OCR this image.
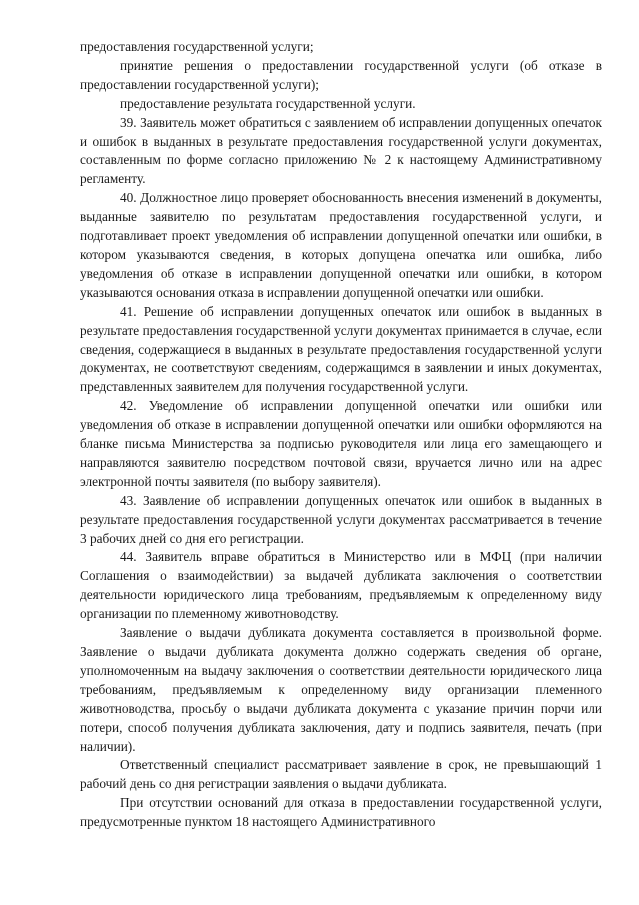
предоставления государственной услуги;

принятие решения о предоставлении государственной услуги (об отказе в предоставлении государственной услуги);

предоставление результата государственной услуги.

39. Заявитель может обратиться с заявлением об исправлении допущенных опечаток и ошибок в выданных в результате предоставления государственной услуги документах, составленным по форме согласно приложению № 2 к настоящему Административному регламенту.

40. Должностное лицо проверяет обоснованность внесения изменений в документы, выданные заявителю по результатам предоставления государственной услуги, и подготавливает проект уведомления об исправлении допущенной опечатки или ошибки, в котором указываются сведения, в которых допущена опечатка или ошибка, либо уведомления об отказе в исправлении допущенной опечатки или ошибки, в котором указываются основания отказа в исправлении допущенной опечатки или ошибки.

41. Решение об исправлении допущенных опечаток или ошибок в выданных в результате предоставления государственной услуги документах принимается в случае, если сведения, содержащиеся в выданных в результате предоставления государственной услуги документах, не соответствуют сведениям, содержащимся в заявлении и иных документах, представленных заявителем для получения государственной услуги.

42. Уведомление об исправлении допущенной опечатки или ошибки или уведомления об отказе в исправлении допущенной опечатки или ошибки оформляются на бланке письма Министерства за подписью руководителя или лица его замещающего и направляются заявителю посредством почтовой связи, вручается лично или на адрес электронной почты заявителя (по выбору заявителя).

43. Заявление об исправлении допущенных опечаток или ошибок в выданных в результате предоставления государственной услуги документах рассматривается в течение 3 рабочих дней со дня его регистрации.

44. Заявитель вправе обратиться в Министерство или в МФЦ (при наличии Соглашения о взаимодействии) за выдачей дубликата заключения о соответствии деятельности юридического лица требованиям, предъявляемым к определенному виду организации по племенному животноводству.

Заявление о выдачи дубликата документа составляется в произвольной форме. Заявление о выдачи дубликата документа должно содержать сведения об органе, уполномоченным на выдачу заключения о соответствии деятельности юридического лица требованиям, предъявляемым к определенному виду организации племенного животноводства, просьбу о выдачи дубликата документа с указание причин порчи или потери, способ получения дубликата заключения, дату и подпись заявителя, печать (при наличии).

Ответственный специалист рассматривает заявление в срок, не превышающий 1 рабочий день со дня регистрации заявления о выдачи дубликата.

При отсутствии оснований для отказа в предоставлении государственной услуги, предусмотренные пунктом 18 настоящего Административного
